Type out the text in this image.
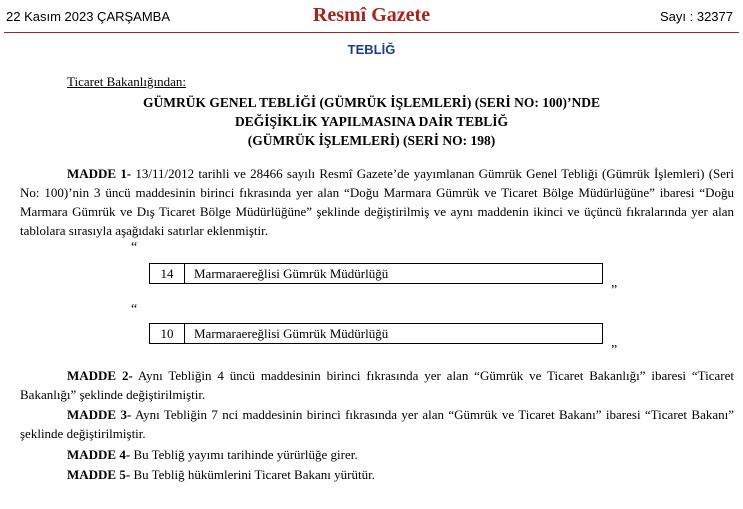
22 Kasım 2023 ÇARŞAMBA	Resmî Gazete	Sayı : 32377
TEBLİĞ
Ticaret Bakanlığından:
GÜMRÜK GENEL TEBLİĞİ (GÜMRÜK İŞLEMLERİ) (SERİ NO: 100)’NDE
DEĞİŞİKLİK YAPILMASINA DAİR TEBLİĞ
(GÜMRÜK İŞLEMLERİ) (SERİ NO: 198)

MADDE 1- 13/11/2012 tarihli ve 28466 sayılı Resmî Gazete’de yayımlanan Gümrük Genel Tebliği (Gümrük İşlemleri) (Seri No: 100)’nin 3 üncü maddesinin birinci fıkrasında yer alan “Doğu Marmara Gümrük ve Ticaret Bölge Müdürlüğüne” ibaresi “Doğu Marmara Gümrük ve Dış Ticaret Bölge Müdürlüğüne” şeklinde değiştirilmiş ve aynı maddenin ikinci ve üçüncü fıkralarında yer alan tablolara sırasıyla aşağıdaki satırlar eklenmiştir.

“
14	Marmaraereğlisi Gümrük Müdürlüğü
”
“
10	Marmaraereğlisi Gümrük Müdürlüğü
”

MADDE 2- Aynı Tebliğin 4 üncü maddesinin birinci fıkrasında yer alan “Gümrük ve Ticaret Bakanlığı” ibaresi “Ticaret Bakanlığı” şeklinde değiştirilmiştir.

MADDE 3- Aynı Tebliğin 7 nci maddesinin birinci fıkrasında yer alan “Gümrük ve Ticaret Bakanı” ibaresi “Ticaret Bakanı” şeklinde değiştirilmiştir.

MADDE 4- Bu Tebliğ yayımı tarihinde yürürlüğe girer.

MADDE 5- Bu Tebliğ hükümlerini Ticaret Bakanı yürütür.
